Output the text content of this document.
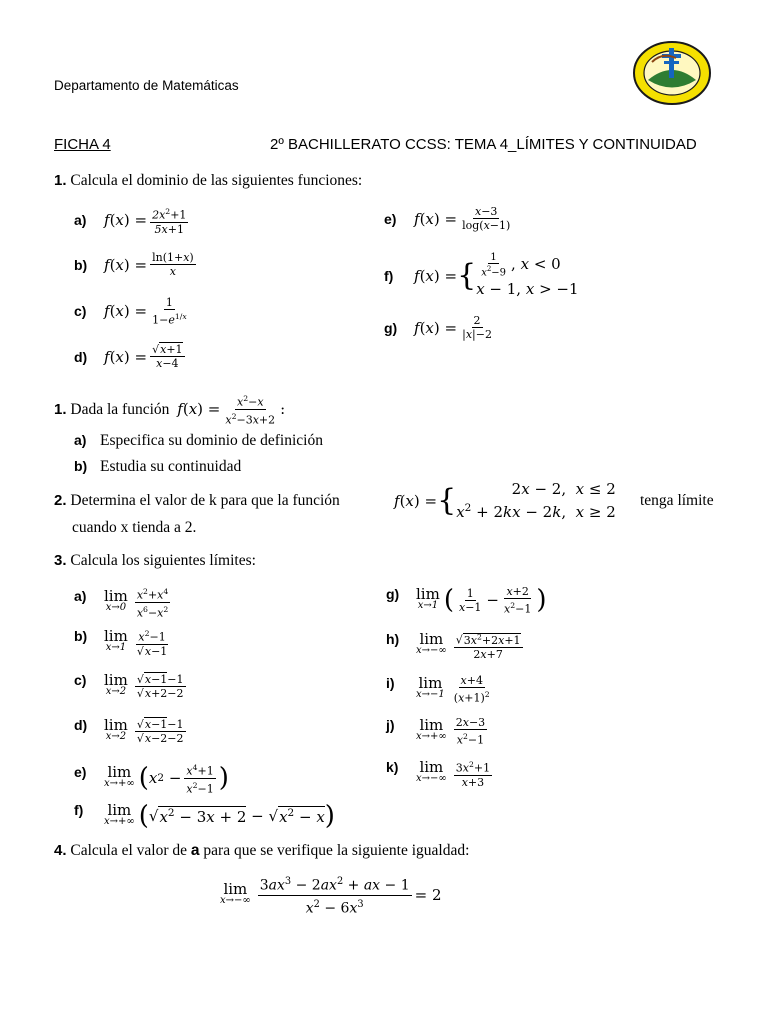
Departamento de Matemáticas
FICHA 4	2º BACHILLERATO CCSS: TEMA 4_LÍMITES Y CONTINUIDAD
1. Calcula el dominio de las siguientes funciones:
a) f ( x ) = $\frac{2x^2+1}{5x+1}$
b) f ( x ) = $\frac{\ln(1+x)}{x}$
c) f ( x ) = $\frac{1}{1-e^{1/x}}$
d) f ( x ) = $\frac{√x+1}{x-4}$
e) f ( x ) = $\frac{x-3}{\log(x-1)}$
f) f ( x ) = { $\frac{1}{x^2-9}$ , x < 0
x − 1, x > −1
g) f ( x ) = $\frac{2}{|x|-2}$
1. Dada la función f ( x ) = $\frac{x^2-x}{x^2-3x+2}$ :
a) Especifica su dominio de definición
b) Estudia su continuidad
2. Determina el valor de k para que la función	f ( x ) = {	2x − 2,  x ≤ 2
$x^2 + 2kx - 2k$,  x ≥ 2
tenga límite
cuando x tienda a 2.
3. Calcula los siguientes límites:
a) lim
$x\to 0 \frac{x^2+x^4}{x^6-x^2}$
b) lim
$x\to 1 \frac{x^2-1}{√x-1}$
c) lim
$x\to 2 \frac{√x-1-1}{√x+2-2}$
d) lim
$x\to 2 \frac{√x-1-1}{√x-2-2}$
e) lim
x→+∞ ( x $2 - \frac{x^4+1}{x^2-1}$ )
f) lim
x→+∞ ( √ $x^2 - 3x + 2$ − √ $x^2 - x$ )
g) lim
x→1 ( $\frac{1}{x-1} - \frac{x+2}{x^2-1}$ )
h) lim
$x\to-\infty \frac{√3x^2+2x+1}{2x+7}$
i) lim
$x\to-1 \frac{x+4}{(x+1)^2}$
j) lim
$x\to+\infty \frac{2x-3}{x^2-1}$
k) lim
$x\to-\infty \frac{3x^2+1}{x+3}$
4. Calcula el valor de a para que se verifique la siguiente igualdad:
lim
$x\to-\infty \frac{3ax^3 - 2ax^2 + ax - 1}{x^2 - 6x^3} = 2$
